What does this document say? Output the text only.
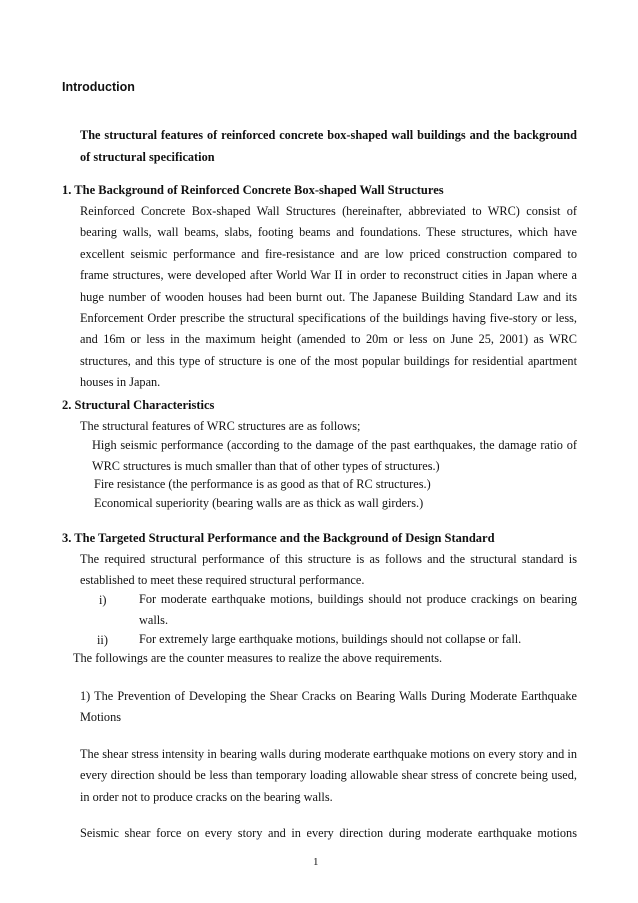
Introduction
The structural features of reinforced concrete box-shaped wall buildings and the background of structural specification
1. The Background of Reinforced Concrete Box-shaped Wall Structures
Reinforced Concrete Box-shaped Wall Structures (hereinafter, abbreviated to WRC) consist of bearing walls, wall beams, slabs, footing beams and foundations. These structures, which have excellent seismic performance and fire-resistance and are low priced construction compared to frame structures, were developed after World War II in order to reconstruct cities in Japan where a huge number of wooden houses had been burnt out. The Japanese Building Standard Law and its Enforcement Order prescribe the structural specifications of the buildings having five-story or less, and 16m or less in the maximum height (amended to 20m or less on June 25, 2001) as WRC structures, and this type of structure is one of the most popular buildings for residential apartment houses in Japan.
2. Structural Characteristics
The structural features of WRC structures are as follows;
High seismic performance (according to the damage of the past earthquakes, the damage ratio of WRC structures is much smaller than that of other types of structures.)
Fire resistance (the performance is as good as that of RC structures.)
Economical superiority (bearing walls are as thick as wall girders.)
3. The Targeted Structural Performance and the Background of Design Standard
The required structural performance of this structure is as follows and the structural standard is established to meet these required structural performance.
i)	For moderate earthquake motions, buildings should not produce crackings on bearing walls.
ii)	For extremely large earthquake motions, buildings should not collapse or fall.
The followings are the counter measures to realize the above requirements.
1) The Prevention of Developing the Shear Cracks on Bearing Walls During Moderate Earthquake Motions
The shear stress intensity in bearing walls during moderate earthquake motions on every story and in every direction should be less than temporary loading allowable shear stress of concrete being used, in order not to produce cracks on the bearing walls.
Seismic shear force on every story and in every direction during moderate earthquake motions
1
